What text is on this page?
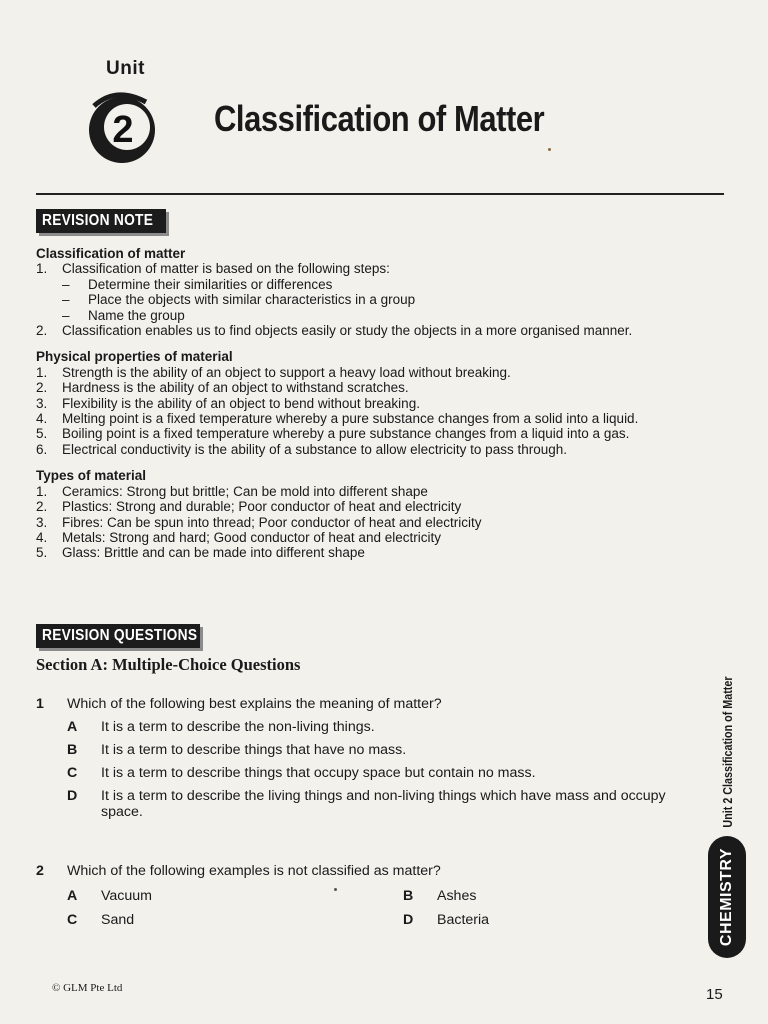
Unit
2	Classification of Matter
REVISION NOTE

Classification of matter

1.	Classification of matter is based on the following steps:
–	Determine their similarities or differences
–	Place the objects with similar characteristics in a group
–	Name the group
2.	Classification enables us to find objects easily or study the objects in a more organised manner.

Physical properties of material

1.	Strength is the ability of an object to support a heavy load without breaking.
2.	Hardness is the ability of an object to withstand scratches.
3.	Flexibility is the ability of an object to bend without breaking.
4.	Melting point is a fixed temperature whereby a pure substance changes from a solid into a liquid.
5.	Boiling point is a fixed temperature whereby a pure substance changes from a liquid into a gas.
6.	Electrical conductivity is the ability of a substance to allow electricity to pass through.

Types of material

1.	Ceramics: Strong but brittle; Can be mold into different shape
2.	Plastics: Strong and durable; Poor conductor of heat and electricity
3.	Fibres: Can be spun into thread; Poor conductor of heat and electricity
4.	Metals: Strong and hard; Good conductor of heat and electricity
5.	Glass: Brittle and can be made into different shape
REVISION QUESTIONS
Section A: Multiple-Choice Questions
1	Which of the following best explains the meaning of matter?
A	It is a term to describe the non-living things.
B	It is a term to describe things that have no mass.
C	It is a term to describe things that occupy space but contain no mass.
D	It is a term to describe the living things and non-living things which have mass and occupy space.
2	Which of the following examples is not classified as matter?
A	Vacuum	B	Ashes
C	Sand	D	Bacteria
Unit 2 Classification of Matter
CHEMISTRY
© GLM Pte Ltd	15
